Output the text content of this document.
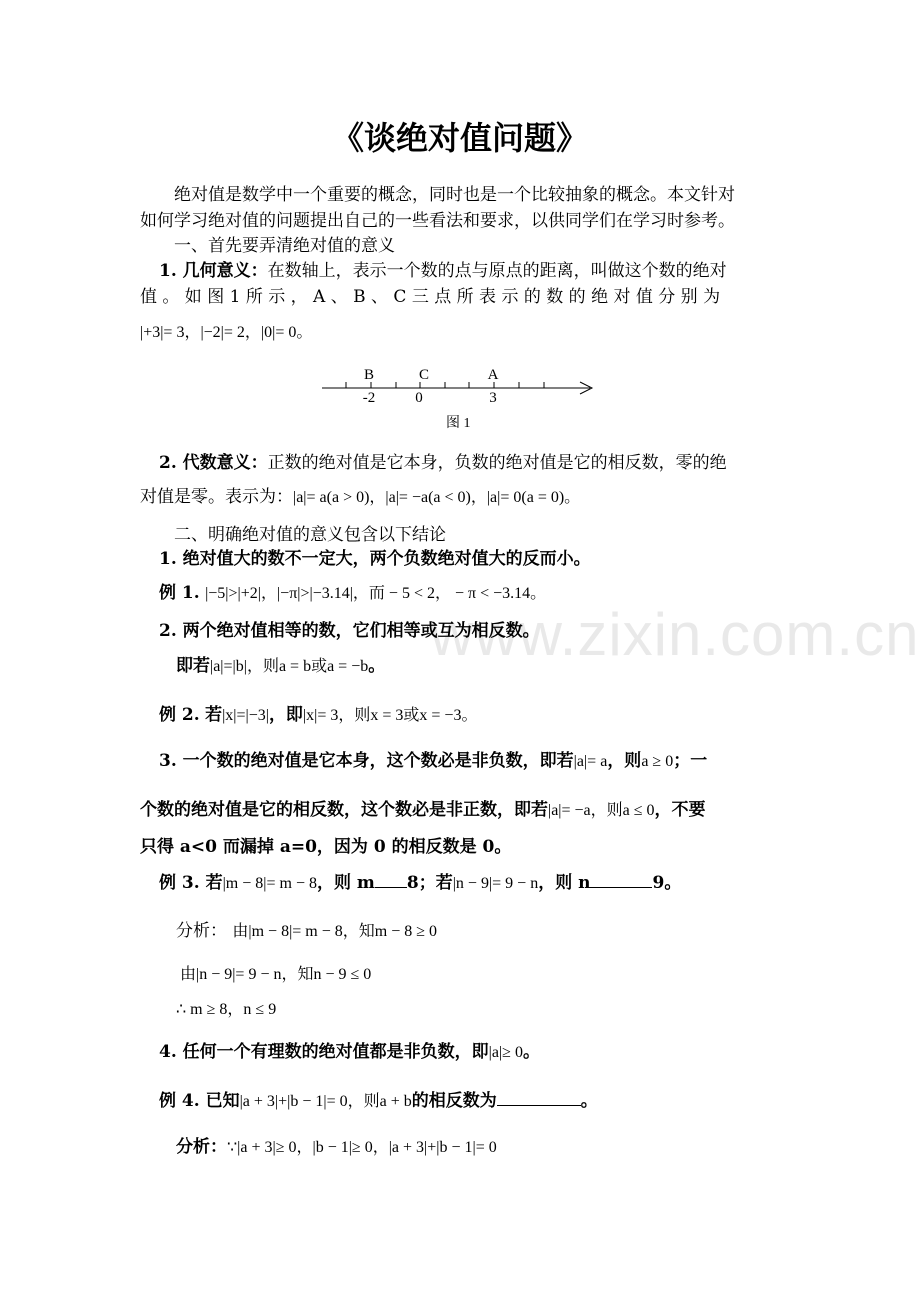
www.zixin.com.cn
《谈绝对值问题》
绝对值是数学中一个重要的概念，同时也是一个比较抽象的概念。本文针对
如何学习绝对值的问题提出自己的一些看法和要求，以供同学们在学习时参考。
一、首先要弄清绝对值的意义
1. 几何意义：在数轴上，表示一个数的点与原点的距离，叫做这个数的绝对
值 。 如 图 1 所 示 ， A 、 B 、 C 三 点 所 表 示 的 数 的 绝 对 值 分 别 为
|+3|= 3，|−2|= 2，|0|= 0。
B	C	A
-2	0	3
图 1
2. 代数意义：正数的绝对值是它本身，负数的绝对值是它的相反数，零的绝
对值是零。表示为：|a|= a(a > 0)，|a|= −a(a < 0)，|a|= 0(a = 0)。
二、明确绝对值的意义包含以下结论
1. 绝对值大的数不一定大，两个负数绝对值大的反而小。
例 1. |−5|>|+2|，|−π|>|−3.14|，而 − 5 < 2， − π < −3.14。
2. 两个绝对值相等的数，它们相等或互为相反数。
即若|a|=|b|，则a = b或a = −b。
例 2. 若|x|=|−3|，即|x|= 3，则x = 3或x = −3。
3. 一个数的绝对值是它本身，这个数必是非负数，即若|a|= a，则a ≥ 0；一
个数的绝对值是它的相反数，这个数必是非正数，即若|a|= −a，则a ≤ 0，不要
只得 a<0 而漏掉 a=0，因为 0 的相反数是 0。
例 3. 若|m − 8|= m − 8，则 m 8；若|n − 9|= 9 − n，则 n	9。
分析： 由|m − 8|= m − 8，知m − 8 ≥ 0
由|n − 9|= 9 − n，知n − 9 ≤ 0
∴ m ≥ 8，n ≤ 9
4. 任何一个有理数的绝对值都是非负数，即|a|≥ 0。
例 4. 已知|a + 3|+|b − 1|= 0，则a + b的相反数为	。
分析：∵|a + 3|≥ 0，|b − 1|≥ 0，|a + 3|+|b − 1|= 0
